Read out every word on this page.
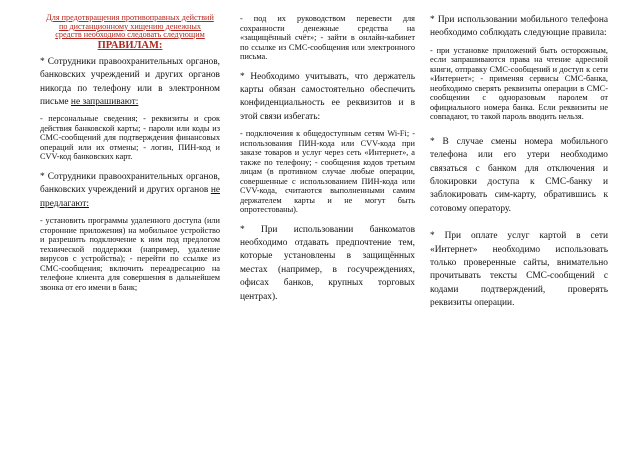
Для предотвращения противоправных действий по дистанционному хищению денежных средств необходимо следовать следующим
ПРАВИЛАМ:

* Сотрудники правоохранительных органов, банковских учреждений и других органов никогда по телефону или в электронном письме не запрашивают:

- персональные сведения; - реквизиты и срок действия банковской карты; - пароли или коды из СМС-сообщений для подтверждения финансовых операций или их отмены; - логин, ПИН-код и CVV-код банковских карт.

* Сотрудники правоохранительных органов, банковских учреждений и других органов не предлагают:

- установить программы удаленного доступа (или сторонние приложения) на мобильное устройство и разрешить подключение к ним под предлогом технической поддержки (например, удаление вирусов с устройства); - перейти по ссылке из СМС-сообщения; включить переадресацию на телефоне клиента для совершения в дальнейшем звонка от его имени в банк;

- под их руководством перевести для сохранности денежные средства на «защищённый счёт»; - зайти в онлайн-кабинет по ссылке из СМС-сообщения или электронного письма.

* Необходимо учитывать, что держатель карты обязан самостоятельно обеспечить конфиденциальность ее реквизитов и в этой связи избегать:

- подключения к общедоступным сетям Wi-Fi; - использования ПИН-кода или CVV-кода при заказе товаров и услуг через сеть «Интернет», а также по телефону; - сообщения кодов третьим лицам (в противном случае любые операции, совершенные с использованием ПИН-кода или CVV-кода, считаются выполненными самим держателем карты и не могут быть опротестованы).

* При использовании банкоматов необходимо отдавать предпочтение тем, которые установлены в защищённых местах (например, в госучреждениях, офисах банков, крупных торговых центрах).

* При использовании мобильного телефона необходимо соблюдать следующие правила:

- при установке приложений быть осторожным, если запрашиваются права на чтение адресной книги, отправку СМС-сообщений и доступ к сети «Интернет»; - применяя сервисы СМС-банка, необходимо сверять реквизиты операции в СМС-сообщении с одноразовым паролем от официального номера банка. Если реквизиты не совпадают, то такой пароль вводить нельзя.

* В случае смены номера мобильного телефона или его утери необходимо связаться с банком для отключения и блокировки доступа к СМС-банку и заблокировать сим-карту, обратившись к сотовому оператору.

* При оплате услуг картой в сети «Интернет» необходимо использовать только проверенные сайты, внимательно прочитывать тексты СМС-сообщений с кодами подтверждений, проверять реквизиты операции.
